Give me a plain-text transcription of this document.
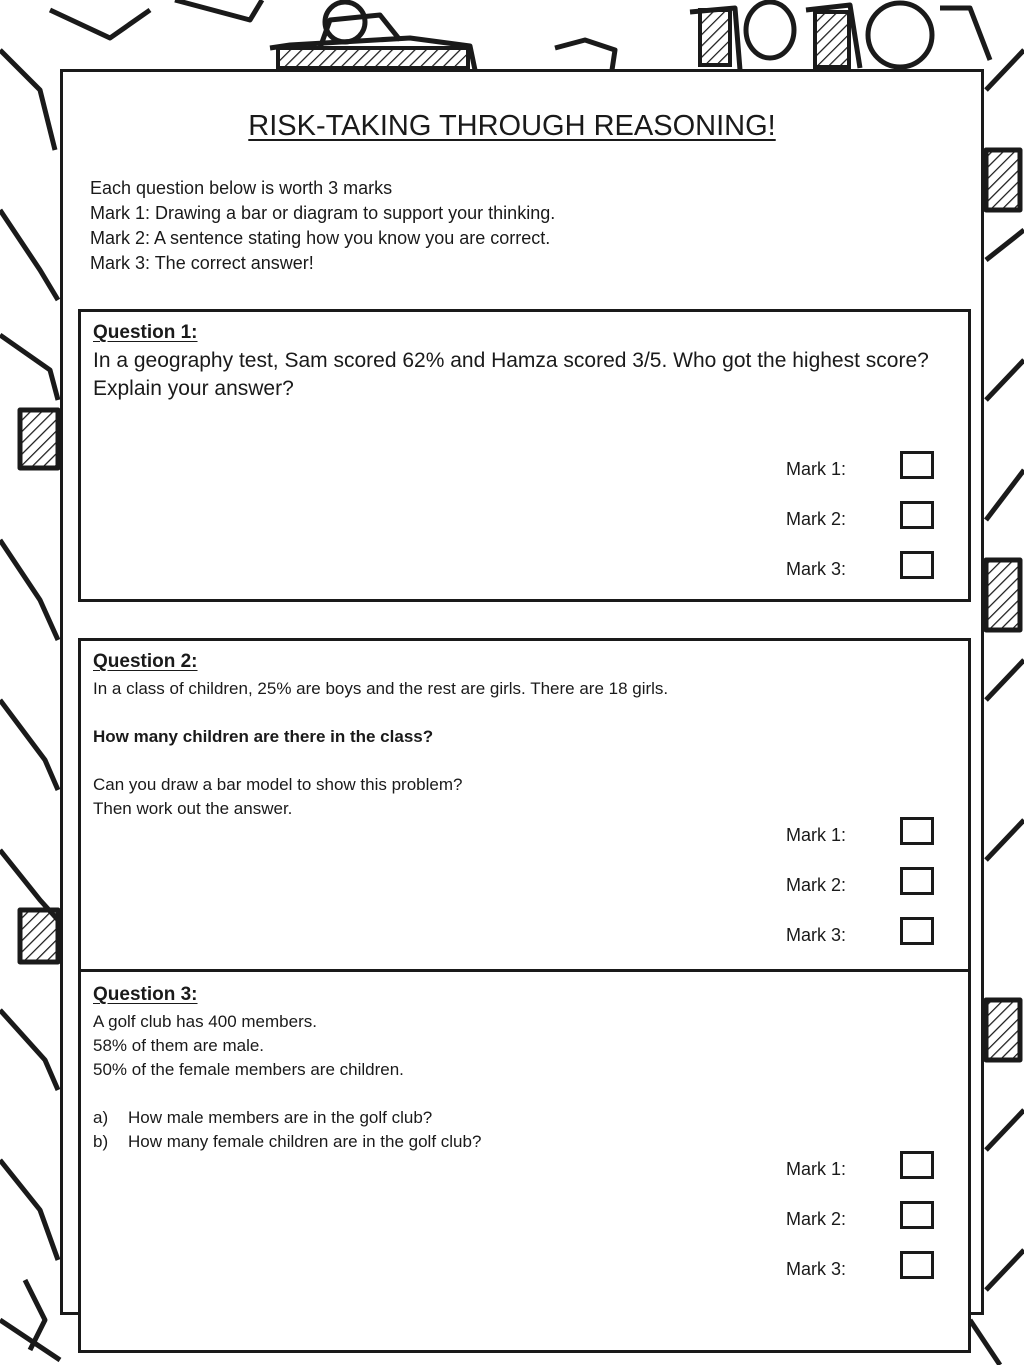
RISK-TAKING THROUGH REASONING!
Each question below is worth 3 marks
Mark 1: Drawing a bar or diagram to support your thinking.
Mark 2: A sentence stating how you know you are correct.
Mark 3: The correct answer!
Question 1:
In a geography test, Sam scored 62% and Hamza scored 3/5. Who got the highest score?
Explain your answer?
Mark 1:
Mark 2:
Mark 3:
Question 2:
In a class of children, 25% are boys and the rest are girls. There are 18 girls.
How many children are there in the class?
Can you draw a bar model to show this problem?
Then work out the answer.
Mark 1:
Mark 2:
Mark 3:
Question 3:
A golf club has 400 members.
58% of them are male.
50% of the female members are children.
a)	How male members are in the golf club?
b)	How many female children are in the golf club?
Mark 1:
Mark 2:
Mark 3:
